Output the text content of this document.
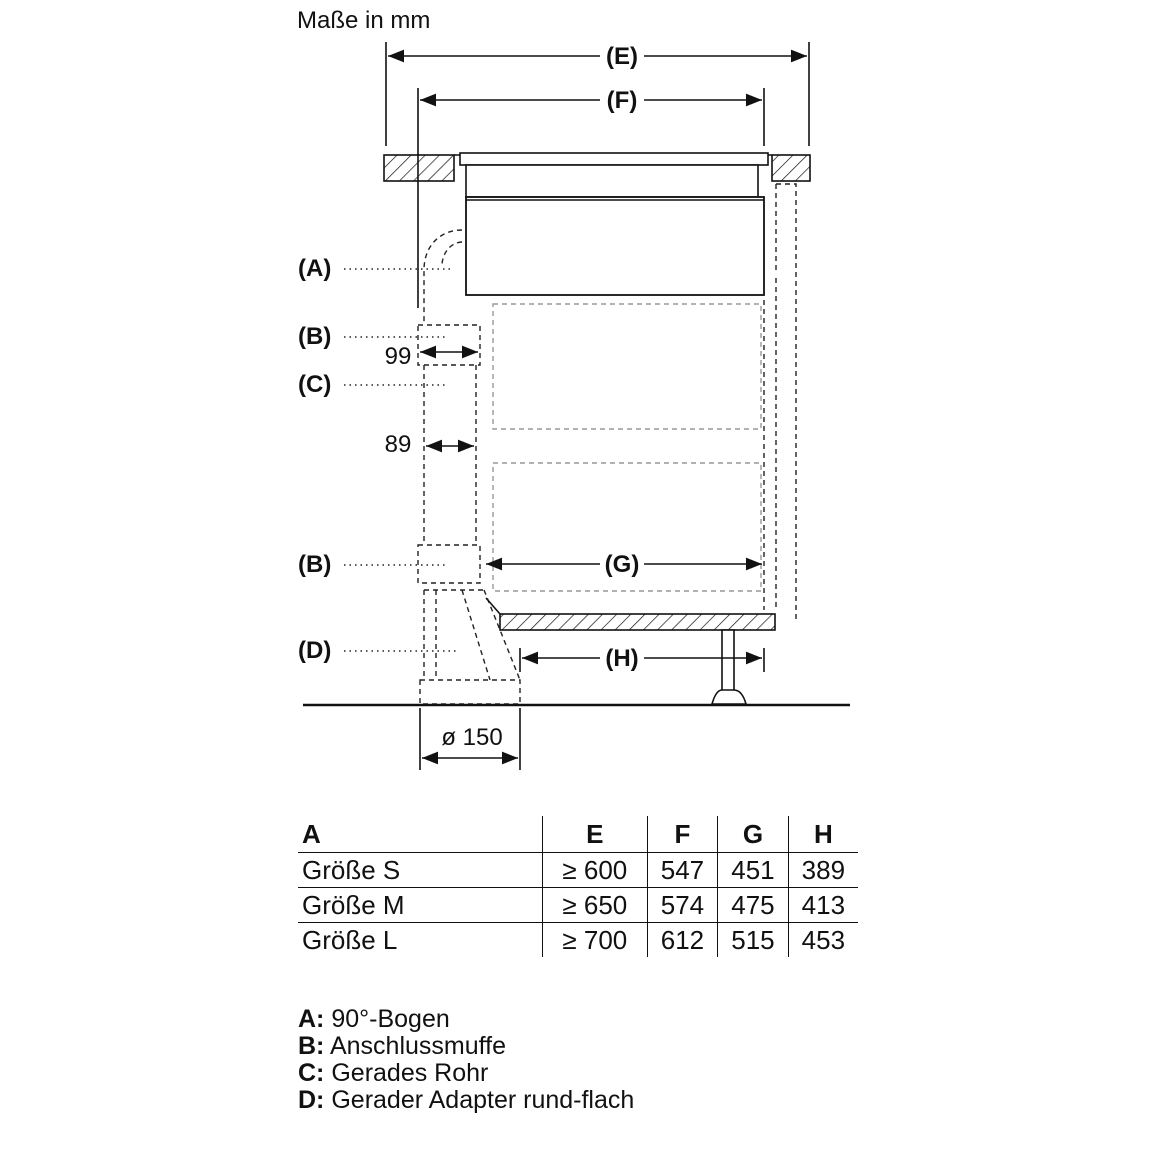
Maße in mm
(E)
(F)
(G)
(H)
99
89
ø 150
(A)
(B)
(C)
(B)
(D)
A	E	F	G	H
Größe S	≥ 600	547	451	389
Größe M	≥ 650	574	475	413
Größe L	≥ 700	612	515	453
A: 90°-Bogen
B: Anschlussmuffe
C: Gerades Rohr
D: Gerader Adapter rund-flach
